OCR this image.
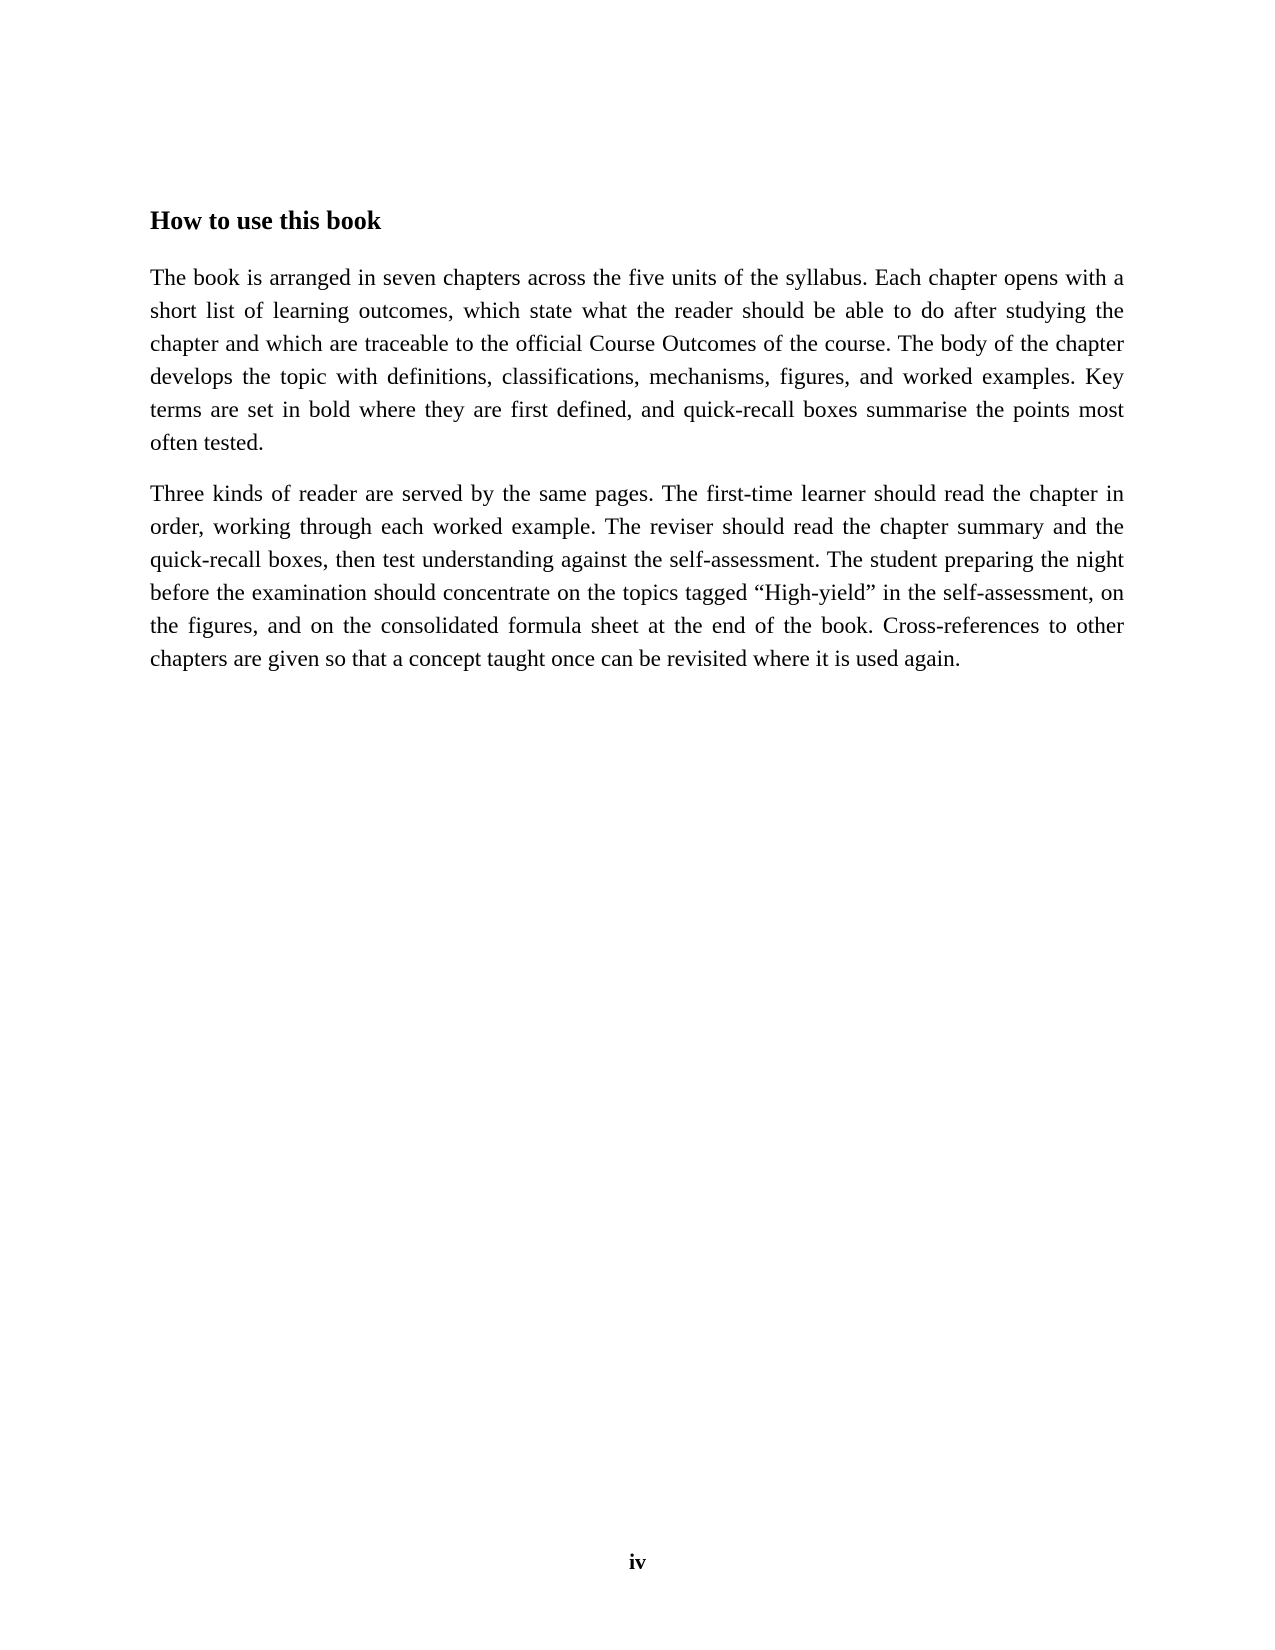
How to use this book

The book is arranged in seven chapters across the five units of the syllabus. Each chapter opens with a short list of learning outcomes, which state what the reader should be able to do after studying the chapter and which are traceable to the official Course Outcomes of the course. The body of the chapter develops the topic with definitions, classifications, mechanisms, figures, and worked examples. Key terms are set in bold where they are first defined, and quick-recall boxes summarise the points most often tested.

Three kinds of reader are served by the same pages. The first-time learner should read the chapter in order, working through each worked example. The reviser should read the chapter summary and the quick-recall boxes, then test understanding against the self-assessment. The student preparing the night before the examination should concentrate on the topics tagged “High-yield” in the self-assessment, on the figures, and on the consolidated formula sheet at the end of the book. Cross-references to other chapters are given so that a concept taught once can be revisited where it is used again.

iv
